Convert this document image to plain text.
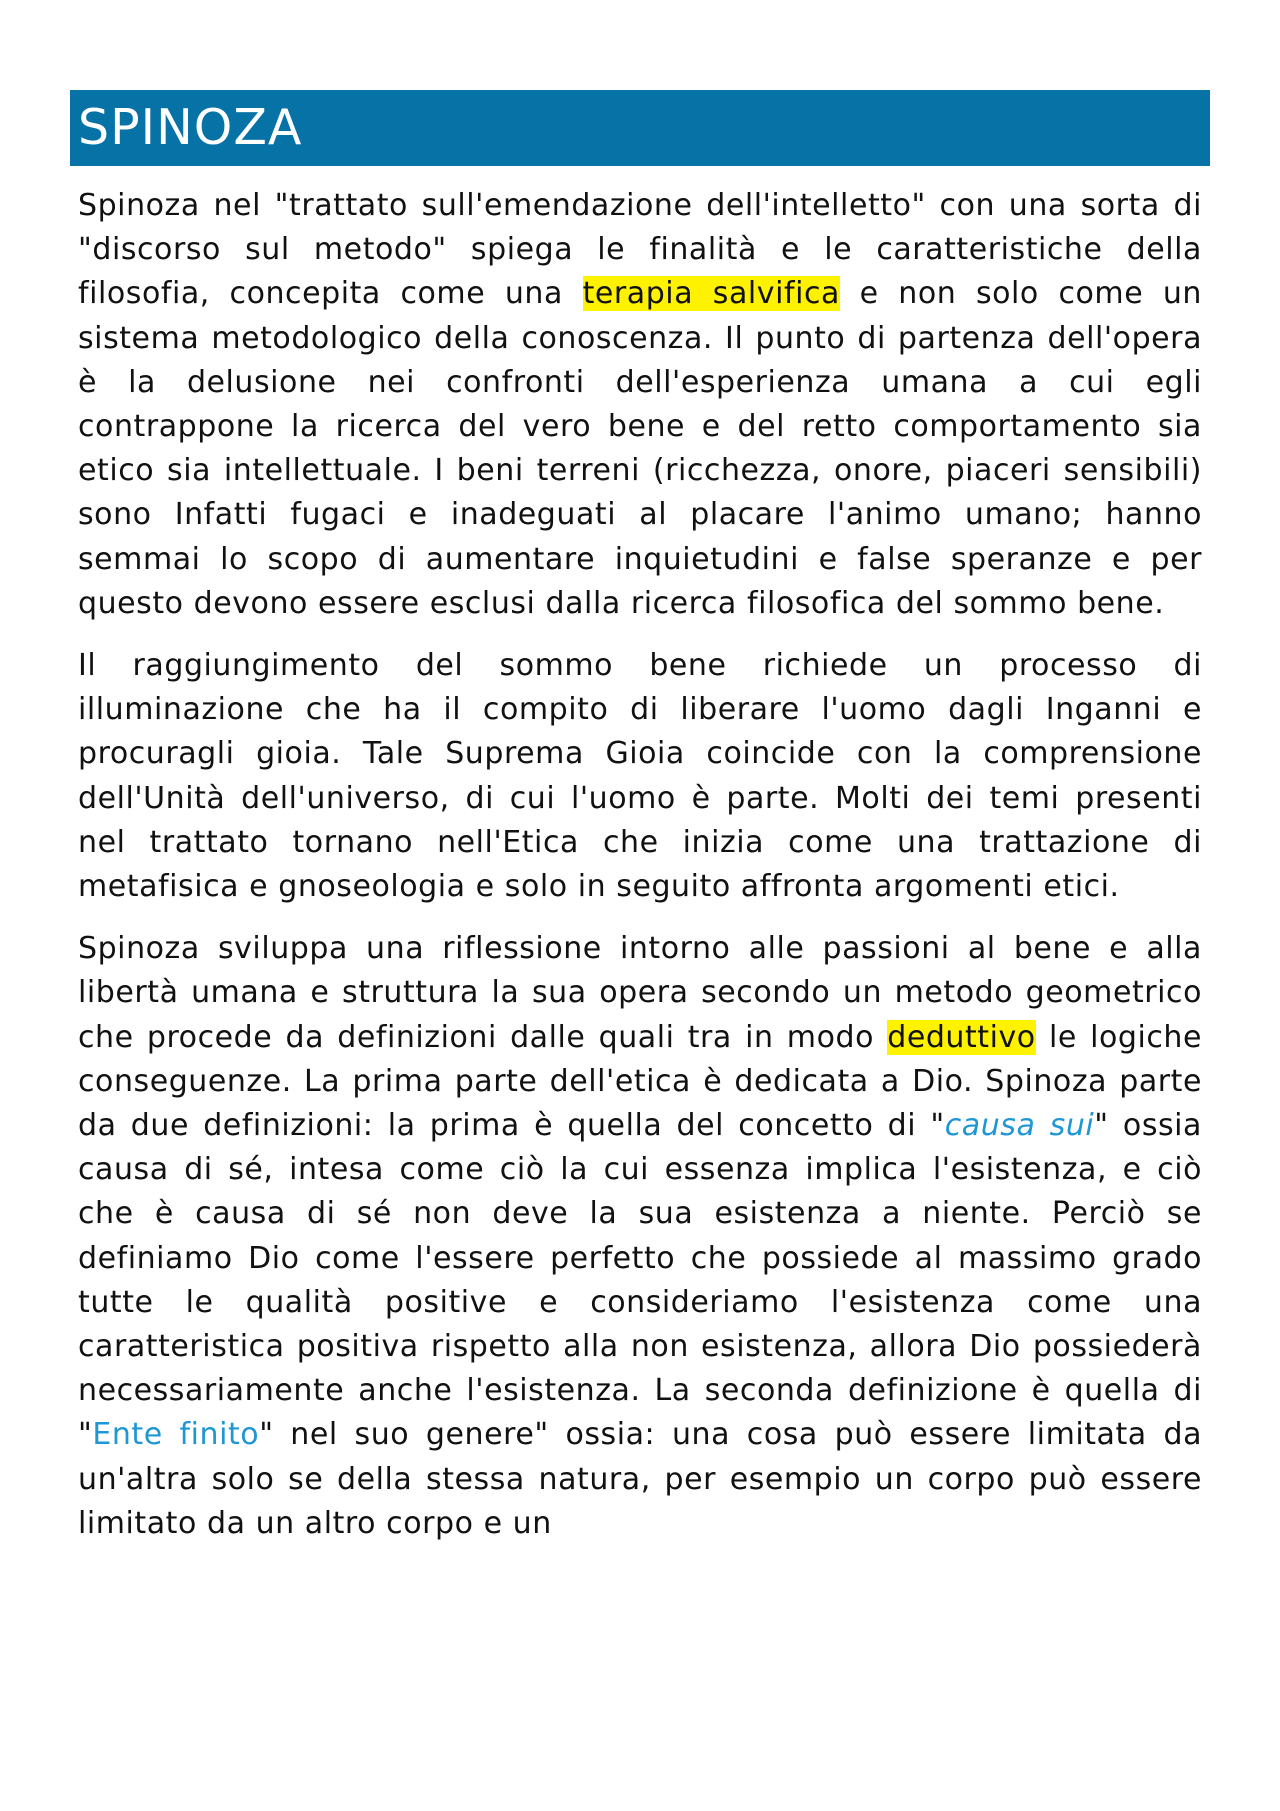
SPINOZA

Spinoza nel "trattato sull'emendazione dell'intelletto" con una sorta di "discorso sul metodo" spiega le finalità e le caratteristiche della filosofia, concepita come una terapia salvifica e non solo come un sistema metodologico della conoscenza. Il punto di partenza dell'opera è la delusione nei confronti dell'esperienza umana a cui egli contrappone la ricerca del vero bene e del retto comportamento sia etico sia intellettuale. I beni terreni (ricchezza, onore, piaceri sensibili) sono Infatti fugaci e inadeguati al placare l'animo umano; hanno semmai lo scopo di aumentare inquietudini e false speranze e per questo devono essere esclusi dalla ricerca filosofica del sommo bene.

Il raggiungimento del sommo bene richiede un processo di illuminazione che ha il compito di liberare l'uomo dagli Inganni e procuragli gioia. Tale Suprema Gioia coincide con la comprensione dell'Unità dell'universo, di cui l'uomo è parte. Molti dei temi presenti nel trattato tornano nell'Etica che inizia come una trattazione di metafisica e gnoseologia e solo in seguito affronta argomenti etici.

Spinoza sviluppa una riflessione intorno alle passioni al bene e alla libertà umana e struttura la sua opera secondo un metodo geometrico che procede da definizioni dalle quali tra in modo deduttivo le logiche conseguenze. La prima parte dell'etica è dedicata a Dio. Spinoza parte da due definizioni: la prima è quella del concetto di "causa sui" ossia causa di sé, intesa come ciò la cui essenza implica l'esistenza, e ciò che è causa di sé non deve la sua esistenza a niente. Perciò se definiamo Dio come l'essere perfetto che possiede al massimo grado tutte le qualità positive e consideriamo l'esistenza come una caratteristica positiva rispetto alla non esistenza, allora Dio possiederà necessariamente anche l'esistenza. La seconda definizione è quella di "Ente finito" nel suo genere" ossia: una cosa può essere limitata da un'altra solo se della stessa natura, per esempio un corpo può essere limitato da un altro corpo e un
